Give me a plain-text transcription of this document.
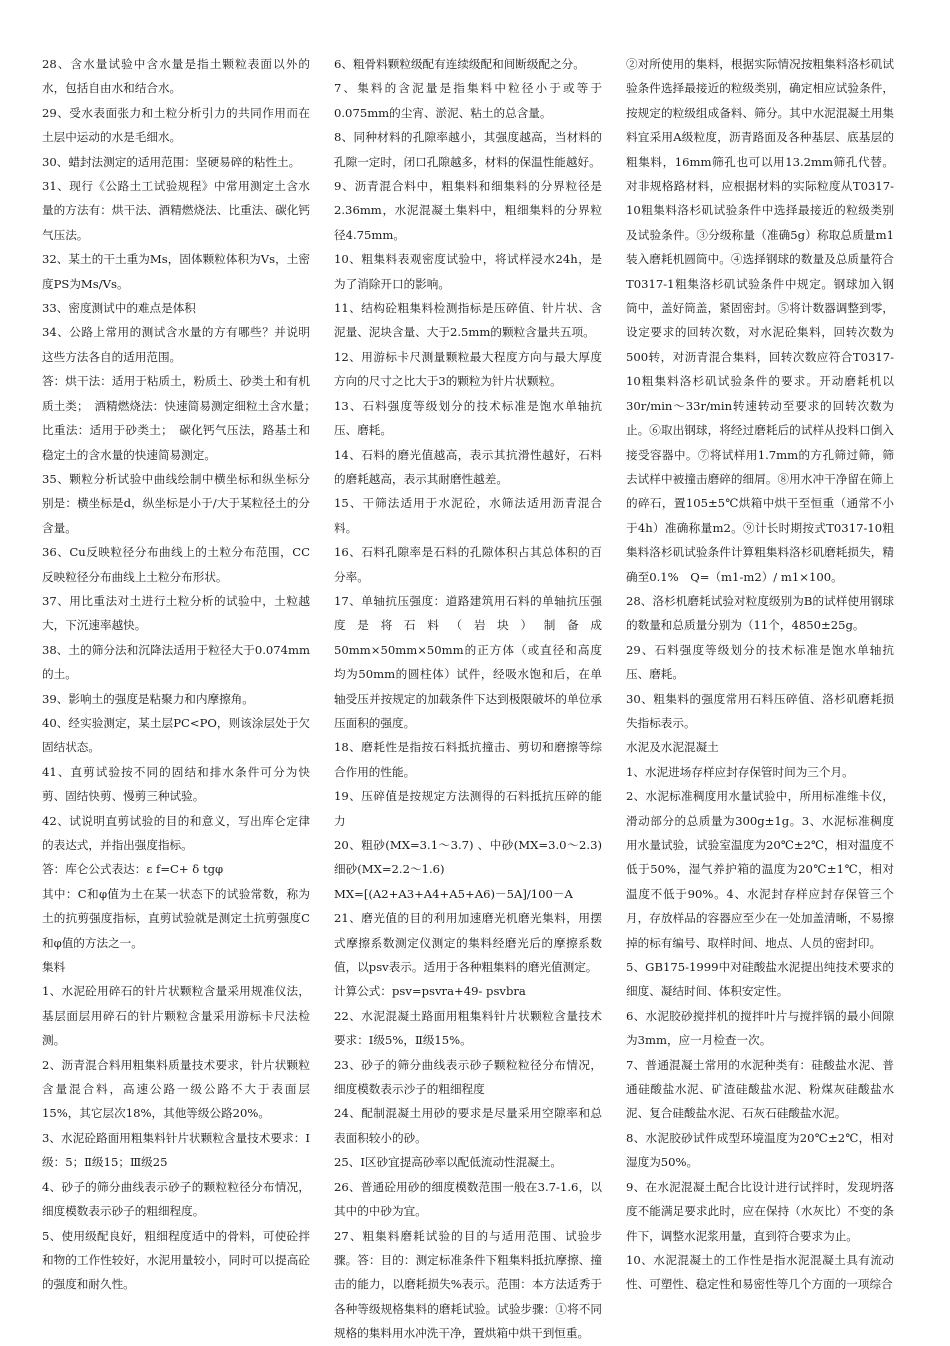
28、含水量试验中含水量是指土颗粒表面以外的水，包括自由水和结合水。

29、受水表面张力和土粒分析引力的共同作用而在土层中运动的水是毛细水。

30、蜡封法测定的适用范围：坚硬易碎的粘性土。

31、现行《公路土工试验规程》中常用测定土含水量的方法有：烘干法、酒精燃烧法、比重法、碳化钙气压法。

32、某土的干土重为Ms，固体颗粒体积为Vs，土密度PS为Ms/Vs。

33、密度测试中的难点是体积

34、公路上常用的测试含水量的方有哪些？并说明这些方法各自的适用范围。

答：烘干法：适用于粘质土，粉质土、砂类土和有机质土类；　酒精燃烧法：快速简易测定细粒土含水量；　比重法：适用于砂类土；　碳化钙气压法，路基土和稳定土的含水量的快速简易测定。

35、颗粒分析试验中曲线绘制中横坐标和纵坐标分别是：横坐标是d，纵坐标是小于/大于某粒径土的分含量。

36、Cu反映粒径分布曲线上的土粒分布范围，CC反映粒径分布曲线上土粒分布形状。

37、用比重法对土进行土粒分析的试验中，土粒越大，下沉速率越快。

38、土的筛分法和沉降法适用于粒径大于0.074mm的土。

39、影响土的强度是粘聚力和内摩擦角。

40、经实验测定，某土层PC<PO，则该涂层处于欠固结状态。

41、直剪试验按不同的固结和排水条件可分为快剪、固结快剪、慢剪三种试验。

42、试说明直剪试验的目的和意义，写出库仑定律的表达式，并指出强度指标。

答：库仑公式表达：ε f=C+ δ tgφ

其中：C和φ值为土在某一状态下的试验常数，称为土的抗剪强度指标，直剪试验就是测定土抗剪强度C和φ值的方法之一。

集料

1、水泥砼用碎石的针片状颗粒含量采用规准仪法，基层面层用碎石的针片颗粒含量采用游标卡尺法检测。

2、沥青混合料用粗集料质量技术要求，针片状颗粒含量混合料，高速公路一级公路不大于表面层15%，其它层次18%，其他等级公路20%。

3、水泥砼路面用粗集料针片状颗粒含量技术要求：Ⅰ级：5；Ⅱ级15；Ⅲ级25

4、砂子的筛分曲线表示砂子的颗粒粒径分布情况，细度模数表示砂子的粗细程度。

5、使用级配良好，粗细程度适中的骨料，可使砼拌和物的工作性较好，水泥用量较小，同时可以提高砼的强度和耐久性。

6、粗骨料颗粒级配有连续级配和间断级配之分。

7、集料的含泥量是指集料中粒径小于或等于0.075mm的尘宵、淤泥、粘土的总含量。

8、同种材料的孔隙率越小，其强度越高，当材料的孔隙一定时，闭口孔隙越多，材料的保温性能越好。

9、沥青混合料中，粗集料和细集料的分界粒径是2.36mm，水泥混凝土集料中，粗细集料的分界粒径4.75mm。

10、粗集料表观密度试验中，将试样浸水24h，是为了消除开口的影响。

11、结构砼粗集料检测指标是压碎值、针片状、含泥量、泥块含量、大于2.5mm的颗粒含量共五项。

12、用游标卡尺测量颗粒最大程度方向与最大厚度方向的尺寸之比大于3的颗粒为针片状颗粒。

13、石料强度等级划分的技术标准是饱水单轴抗压、磨耗。

14、石料的磨光值越高，表示其抗滑性越好，石料的磨耗越高，表示其耐磨性越差。

15、干筛法适用于水泥砼，水筛法适用沥青混合料。

16、石料孔隙率是石料的孔隙体积占其总体积的百分率。

17、单轴抗压强度：道路建筑用石料的单轴抗压强度是将石料（岩块）制备成50mm×50mm×50mm的正方体（或直径和高度均为50mm的圆柱体）试件，经吸水饱和后，在单轴受压并按规定的加载条件下达到极限破坏的单位承压面积的强度。

18、磨耗性是指按石料抵抗撞击、剪切和磨擦等综合作用的性能。

19、压碎值是按规定方法测得的石料抵抗压碎的能力

20、粗砂(MX=3.1～3.7) 、中砂(MX=3.0～2.3) 细砂(MX=2.2～1.6)

MX=[(A2+A3+A4+A5+A6)－5A]/100－A

21、磨光值的目的利用加速磨光机磨光集料，用摆式摩擦系数测定仪测定的集料经磨光后的摩擦系数值，以psv表示。适用于各种粗集料的磨光值测定。

计算公式：psv=psvra+49- psvbra

22、水泥混凝土路面用粗集料针片状颗粒含量技术要求：Ⅰ级5%，Ⅱ级15%。

23、砂子的筛分曲线表示砂子颗粒粒径分布情况，细度模数表示沙子的粗细程度

24、配制混凝土用砂的要求是尽量采用空隙率和总表面积较小的砂。

25、Ⅰ区砂宜提高砂率以配低流动性混凝土。

26、普通砼用砂的细度模数范围一般在3.7-1.6，以其中的中砂为宜。

27、粗集料磨耗试验的目的与适用范围、试验步骤。答：目的：测定标准条件下粗集料抵抗摩擦、撞击的能力，以磨耗损失%表示。范围：本方法适秀于各种等级规格集料的磨耗试验。试验步骤：①将不同规格的集料用水冲洗干净，置烘箱中烘干到恒重。

②对所使用的集料，根据实际情况按粗集料洛杉矶试验条件选择最接近的粒级类别，确定相应试验条件，按规定的粒级组成备料、筛分。其中水泥混凝土用集料宜采用A级粒度，沥青路面及各种基层、底基层的粗集料，16mm筛孔也可以用13.2mm筛孔代替。对非规格路材料，应根据材料的实际粒度从T0317-10粗集料洛杉矶试验条件中选择最接近的粒级类别及试验条件。③分级称量（准确5g）称取总质量m1装入磨耗机圆筒中。④选择钢球的数量及总质量符合T0317-1粗集洛杉矶试验条件中规定。钢球加入钢筒中，盖好筒盖，紧固密封。⑤将计数器调整到零，设定要求的回转次数，对水泥砼集料，回转次数为500转，对沥青混合集料，回转次数应符合T0317-10粗集料洛杉矶试验条件的要求。开动磨耗机以30r/min～33r/min转速转动至要求的回转次数为止。⑥取出钢球，将经过磨耗后的试样从投料口倒入接受容器中。⑦将试样用1.7mm的方孔筛过筛，筛去试样中被撞击磨碎的细屑。⑧用水冲干净留在筛上的碎石，置105±5℃烘箱中烘干至恒重（通常不小于4h）准确称量m2。⑨计长时期按式T0317-10粗集料洛杉矶试验条件计算粗集料洛杉矶磨耗损失，精确至0.1%　Q=（m1-m2）/ m1×100。

28、洛杉机磨耗试验对粒度级别为B的试样使用钢球的数量和总质量分别为（11个，4850±25g。

29、石料强度等级划分的技术标准是饱水单轴抗压、磨耗。

30、粗集料的强度常用石料压碎值、洛杉矶磨耗损失指标表示。

水泥及水泥混凝土

1、水泥进场存样应封存保管时间为三个月。

2、水泥标准稠度用水量试验中，所用标准维卡仪，滑动部分的总质量为300g±1g。3、水泥标准稠度用水量试验，试验室温度为20℃±2℃，相对温度不低于50%，湿气养护箱的温度为20℃±1℃，相对温度不低于90%。4、水泥封存样应封存保管三个月，存放样品的容器应至少在一处加盖清晰，不易擦掉的标有编号、取样时间、地点、人员的密封印。

5、GB175-1999中对硅酸盐水泥提出纯技术要求的细度、凝结时间、体积安定性。

6、水泥胶砂搅拌机的搅拌叶片与搅拌锅的最小间隙为3mm，应一月检查一次。

7、普通混凝土常用的水泥种类有：硅酸盐水泥、普通硅酸盐水泥、矿渣硅酸盐水泥、粉煤灰硅酸盐水泥、复合硅酸盐水泥、石灰石硅酸盐水泥。

8、水泥胶砂试件成型环境温度为20℃±2℃，相对湿度为50%。

9、在水泥混凝土配合比设计进行试拌时，发现坍落度不能满足要求此时，应在保持（水灰比）不变的条件下，调整水泥浆用量，直到符合要求为止。

10、水泥混凝土的工作性是指水泥混凝土具有流动性、可塑性、稳定性和易密性等几个方面的一项综合
